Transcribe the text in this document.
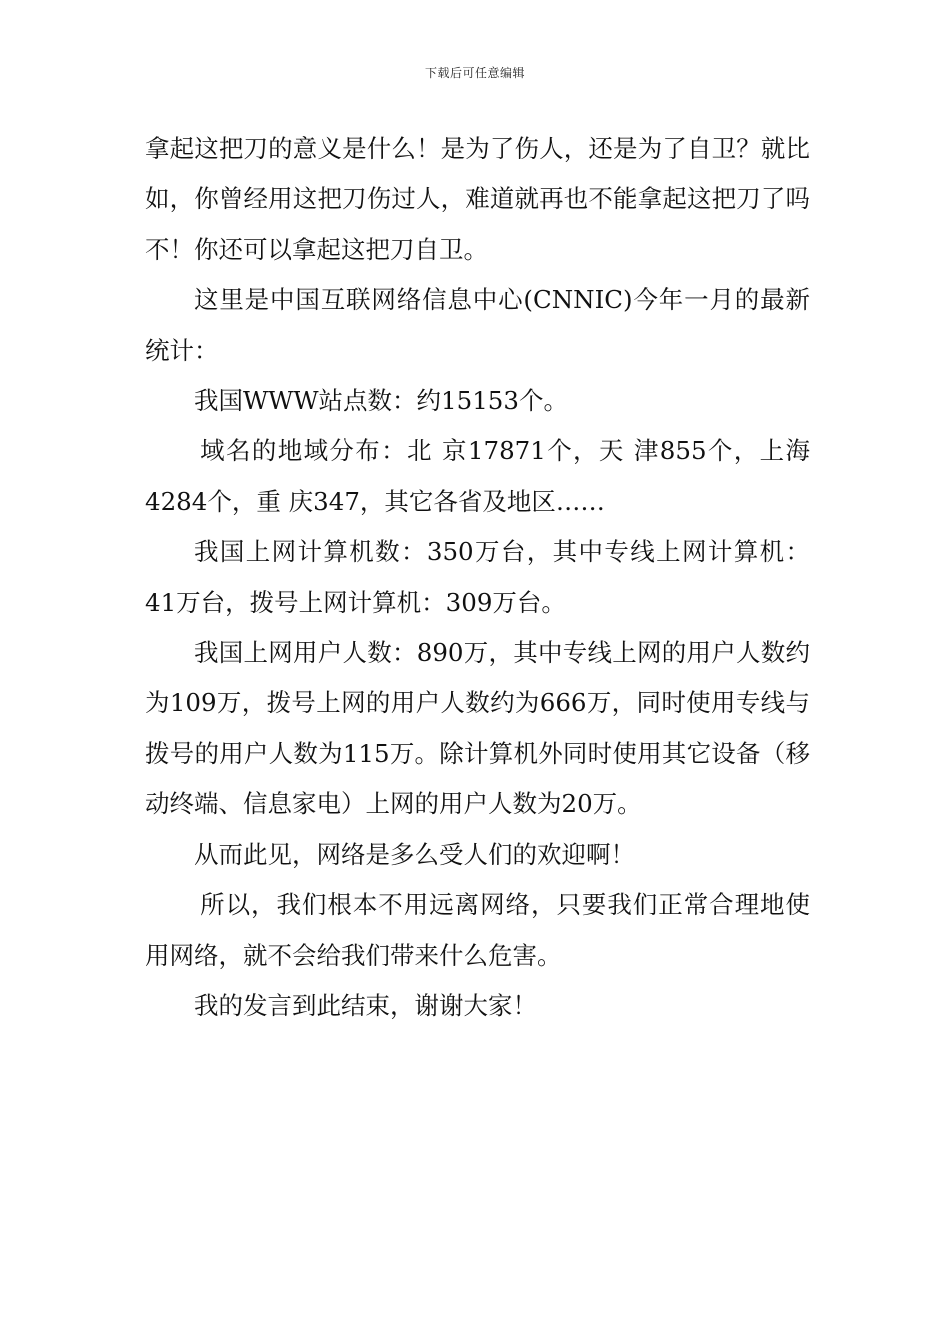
下载后可任意编辑

拿起这把刀的意义是什么！是为了伤人，还是为了自卫？就比如，你曾经用这把刀伤过人，难道就再也不能拿起这把刀了吗不！你还可以拿起这把刀自卫。

这里是中国互联网络信息中心(CNNIC)今年一月的最新统计：

我国WWW站点数：约15153个。

域名的地域分布：北 京17871个，天 津855个，上海4284个，重 庆347，其它各省及地区……

我国上网计算机数：350万台，其中专线上网计算机：41万台，拨号上网计算机：309万台。

我国上网用户人数：890万，其中专线上网的用户人数约为109万，拨号上网的用户人数约为666万，同时使用专线与拨号的用户人数为115万。除计算机外同时使用其它设备（移动终端、信息家电）上网的用户人数为20万。

从而此见，网络是多么受人们的欢迎啊！

所以，我们根本不用远离网络，只要我们正常合理地使用网络，就不会给我们带来什么危害。

我的发言到此结束，谢谢大家！
